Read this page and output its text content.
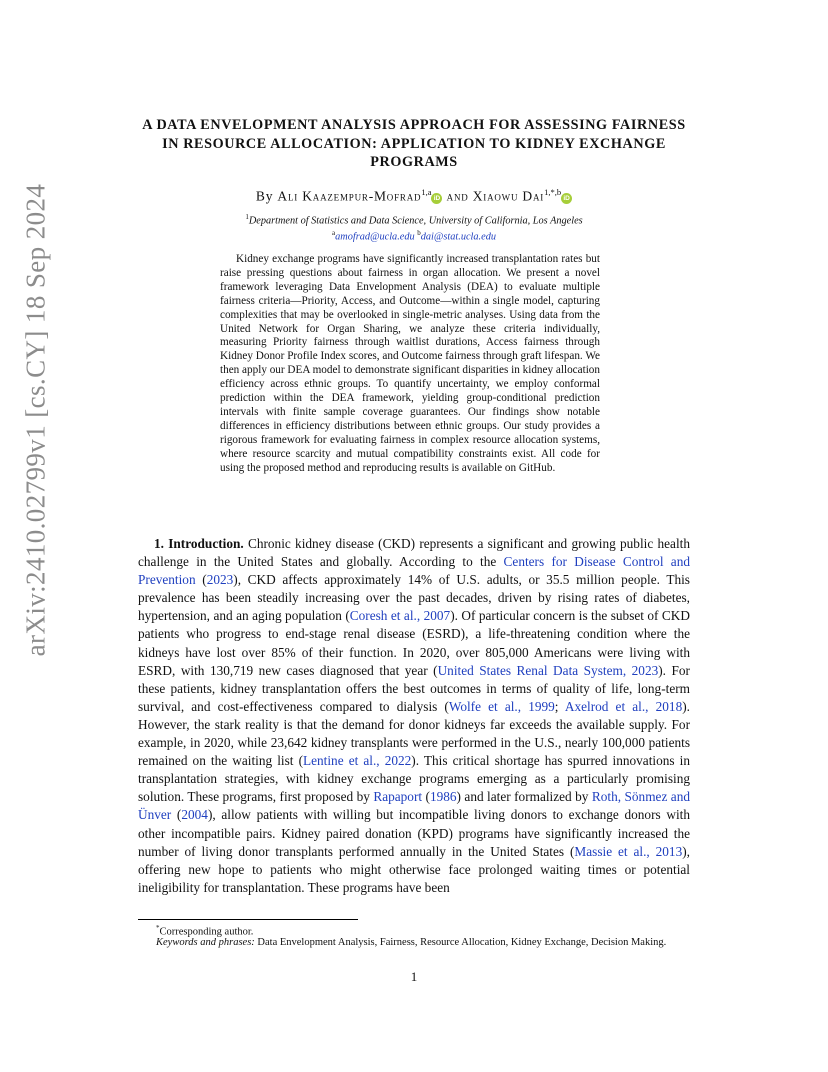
arXiv:2410.02799v1 [cs.CY] 18 Sep 2024
A DATA ENVELOPMENT ANALYSIS APPROACH FOR ASSESSING FAIRNESS IN RESOURCE ALLOCATION: APPLICATION TO KIDNEY EXCHANGE PROGRAMS
By Ali Kaazempur-Mofrad$^{1,a}$iD and Xiaowu Dai$^{1,*,b}$iD
$^1$Department of Statistics and Data Science, University of California, Los Angeles
$^a$amofrad@ucla.edu $^b$dai@stat.ucla.edu

Kidney exchange programs have significantly increased transplantation rates but raise pressing questions about fairness in organ allocation. We present a novel framework leveraging Data Envelopment Analysis (DEA) to evaluate multiple fairness criteria—Priority, Access, and Outcome—within a single model, capturing complexities that may be overlooked in single-metric analyses. Using data from the United Network for Organ Sharing, we analyze these criteria individually, measuring Priority fairness through waitlist durations, Access fairness through Kidney Donor Profile Index scores, and Outcome fairness through graft lifespan. We then apply our DEA model to demonstrate significant disparities in kidney allocation efficiency across ethnic groups. To quantify uncertainty, we employ conformal prediction within the DEA framework, yielding group-conditional prediction intervals with finite sample coverage guarantees. Our findings show notable differences in efficiency distributions between ethnic groups. Our study provides a rigorous framework for evaluating fairness in complex resource allocation systems, where resource scarcity and mutual compatibility constraints exist. All code for using the proposed method and reproducing results is available on GitHub.

1. Introduction. Chronic kidney disease (CKD) represents a significant and growing public health challenge in the United States and globally. According to the Centers for Disease Control and Prevention (2023), CKD affects approximately 14% of U.S. adults, or 35.5 million people. This prevalence has been steadily increasing over the past decades, driven by rising rates of diabetes, hypertension, and an aging population (Coresh et al., 2007). Of particular concern is the subset of CKD patients who progress to end-stage renal disease (ESRD), a life-threatening condition where the kidneys have lost over 85% of their function. In 2020, over 805,000 Americans were living with ESRD, with 130,719 new cases diagnosed that year (United States Renal Data System, 2023). For these patients, kidney transplantation offers the best outcomes in terms of quality of life, long-term survival, and cost-effectiveness compared to dialysis (Wolfe et al., 1999; Axelrod et al., 2018). However, the stark reality is that the demand for donor kidneys far exceeds the available supply. For example, in 2020, while 23,642 kidney transplants were performed in the U.S., nearly 100,000 patients remained on the waiting list (Lentine et al., 2022). This critical shortage has spurred innovations in transplantation strategies, with kidney exchange programs emerging as a particularly promising solution. These programs, first proposed by Rapaport (1986) and later formalized by Roth, Sönmez and Ünver (2004), allow patients with willing but incompatible living donors to exchange donors with other incompatible pairs. Kidney paired donation (KPD) programs have significantly increased the number of living donor transplants performed annually in the United States (Massie et al., 2013), offering new hope to patients who might otherwise face prolonged waiting times or potential ineligibility for transplantation. These programs have been

*Corresponding author.

Keywords and phrases: Data Envelopment Analysis, Fairness, Resource Allocation, Kidney Exchange, Decision Making.

1
